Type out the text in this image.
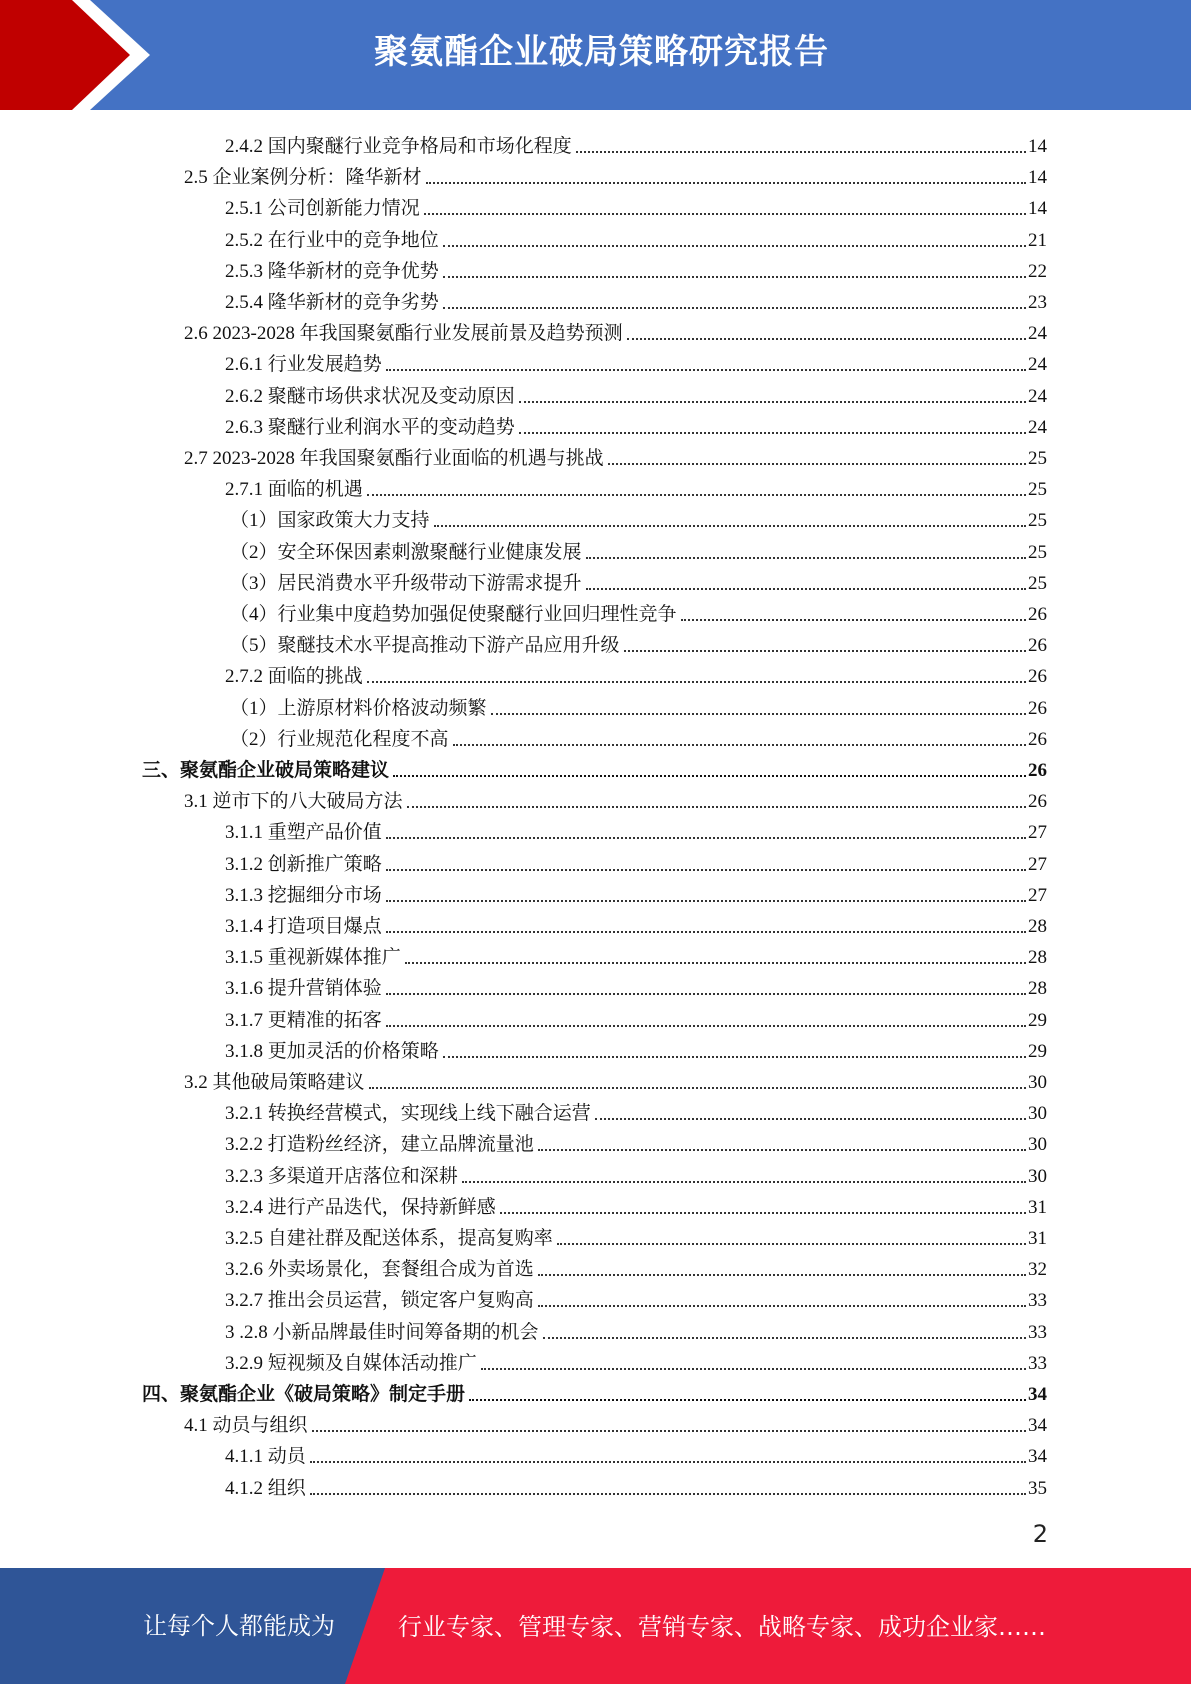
聚氨酯企业破局策略研究报告
2.4.2 国内聚醚行业竞争格局和市场化程度	14
2.5 企业案例分析：隆华新材	14
2.5.1 公司创新能力情况	14
2.5.2 在行业中的竞争地位	21
2.5.3 隆华新材的竞争优势	22
2.5.4 隆华新材的竞争劣势	23
2.6 2023-2028 年我国聚氨酯行业发展前景及趋势预测	24
2.6.1 行业发展趋势	24
2.6.2 聚醚市场供求状况及变动原因	24
2.6.3 聚醚行业利润水平的变动趋势	24
2.7 2023-2028 年我国聚氨酯行业面临的机遇与挑战	25
2.7.1 面临的机遇	25
（1）国家政策大力支持	25
（2）安全环保因素刺激聚醚行业健康发展	25
（3）居民消费水平升级带动下游需求提升	25
（4）行业集中度趋势加强促使聚醚行业回归理性竞争	26
（5）聚醚技术水平提高推动下游产品应用升级	26
2.7.2 面临的挑战	26
（1）上游原材料价格波动频繁	26
（2）行业规范化程度不高	26
三、聚氨酯企业破局策略建议	26
3.1 逆市下的八大破局方法	26
3.1.1 重塑产品价值	27
3.1.2 创新推广策略	27
3.1.3 挖掘细分市场	27
3.1.4 打造项目爆点	28
3.1.5 重视新媒体推广	28
3.1.6 提升营销体验	28
3.1.7 更精准的拓客	29
3.1.8 更加灵活的价格策略	29
3.2 其他破局策略建议	30
3.2.1 转换经营模式，实现线上线下融合运营	30
3.2.2 打造粉丝经济，建立品牌流量池	30
3.2.3 多渠道开店落位和深耕	30
3.2.4 进行产品迭代，保持新鲜感	31
3.2.5 自建社群及配送体系，提高复购率	31
3.2.6 外卖场景化，套餐组合成为首选	32
3.2.7 推出会员运营，锁定客户复购高	33
3 .2.8 小新品牌最佳时间筹备期的机会	33
3.2.9 短视频及自媒体活动推广	33
四、聚氨酯企业《破局策略》制定手册	34
4.1 动员与组织	34
4.1.1 动员	34
4.1.2 组织	35
2
让每个人都能成为	行业专家、管理专家、营销专家、战略专家、成功企业家……
